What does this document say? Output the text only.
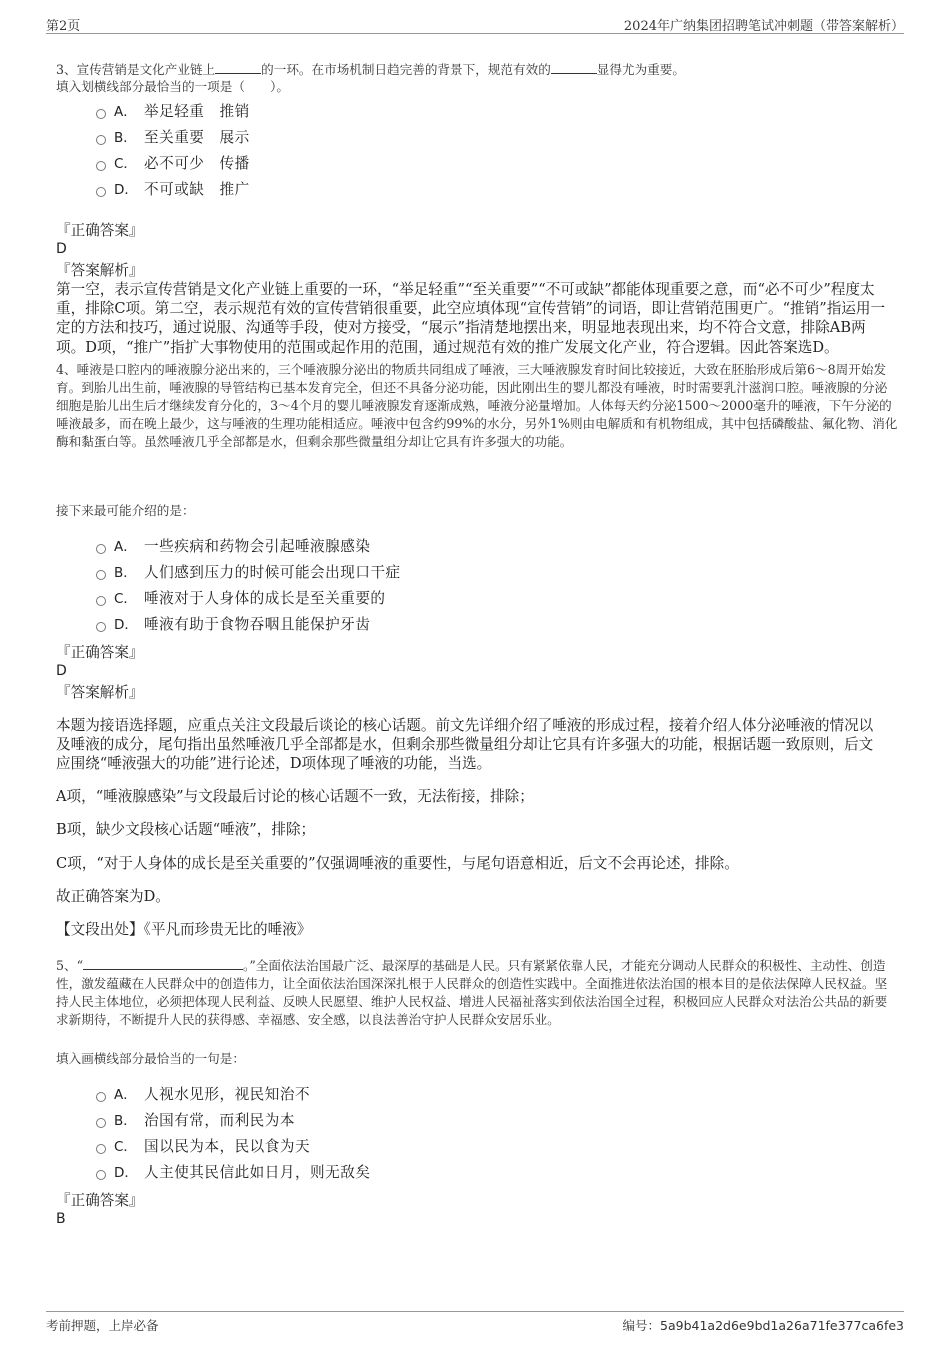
第2页	2024年广纳集团招聘笔试冲刺题（带答案解析）
3、宣传营销是文化产业链上	的一环。在市场机制日趋完善的背景下，规范有效的	显得尤为重要。
填入划横线部分最恰当的一项是（　　）。
A． 举足轻重　推销
B． 至关重要　展示
C． 必不可少　传播
D． 不可或缺　推广
『正确答案』
D
『答案解析』
第一空，表示宣传营销是文化产业链上重要的一环，“举足轻重”“至关重要”“不可或缺”都能体现重要之意，而“必不可少”程度太重，排除C项。第二空，表示规范有效的宣传营销很重要，此空应填体现“宣传营销”的词语，即让营销范围更广。“推销”指运用一定的方法和技巧，通过说服、沟通等手段，使对方接受，“展示”指清楚地摆出来，明显地表现出来，均不符合文意，排除AB两项。D项，“推广”指扩大事物使用的范围或起作用的范围，通过规范有效的推广发展文化产业，符合逻辑。因此答案选D。
4、唾液是口腔内的唾液腺分泌出来的，三个唾液腺分泌出的物质共同组成了唾液，三大唾液腺发育时间比较接近，大致在胚胎形成后第6～8周开始发育。到胎儿出生前，唾液腺的导管结构已基本发育完全，但还不具备分泌功能，因此刚出生的婴儿都没有唾液，时时需要乳汁滋润口腔。唾液腺的分泌细胞是胎儿出生后才继续发育分化的，3～4个月的婴儿唾液腺发育逐渐成熟，唾液分泌量增加。人体每天约分泌1500～2000毫升的唾液，下午分泌的唾液最多，而在晚上最少，这与唾液的生理功能相适应。唾液中包含约99%的水分，另外1%则由电解质和有机物组成，其中包括磷酸盐、氟化物、消化酶和黏蛋白等。虽然唾液几乎全部都是水，但剩余那些微量组分却让它具有许多强大的功能。
接下来最可能介绍的是：
A． 一些疾病和药物会引起唾液腺感染
B． 人们感到压力的时候可能会出现口干症
C． 唾液对于人身体的成长是至关重要的
D． 唾液有助于食物吞咽且能保护牙齿
『正确答案』
D
『答案解析』
本题为接语选择题，应重点关注文段最后谈论的核心话题。前文先详细介绍了唾液的形成过程，接着介绍人体分泌唾液的情况以及唾液的成分，尾句指出虽然唾液几乎全部都是水，但剩余那些微量组分却让它具有许多强大的功能，根据话题一致原则，后文应围绕“唾液强大的功能”进行论述，D项体现了唾液的功能，当选。
A项，“唾液腺感染”与文段最后讨论的核心话题不一致，无法衔接，排除；
B项，缺少文段核心话题“唾液”，排除；
C项，“对于人身体的成长是至关重要的”仅强调唾液的重要性，与尾句语意相近，后文不会再论述，排除。
故正确答案为D。
【文段出处】《平凡而珍贵无比的唾液》
5、“	。”全面依法治国最广泛、最深厚的基础是人民。只有紧紧依靠人民，才能充分调动人民群众的积极性、主动性、创造性，激发蕴藏在人民群众中的创造伟力，让全面依法治国深深扎根于人民群众的创造性实践中。全面推进依法治国的根本目的是依法保障人民权益。坚持人民主体地位，必须把体现人民利益、反映人民愿望、维护人民权益、增进人民福祉落实到依法治国全过程，积极回应人民群众对法治公共品的新要求新期待，不断提升人民的获得感、幸福感、安全感，以良法善治守护人民群众安居乐业。
填入画横线部分最恰当的一句是：
A． 人视水见形，视民知治不
B． 治国有常，而利民为本
C． 国以民为本，民以食为天
D． 人主使其民信此如日月，则无敌矣
『正确答案』
B
考前押题，上岸必备	编号：5a9b41a2d6e9bd1a26a71fe377ca6fe3
